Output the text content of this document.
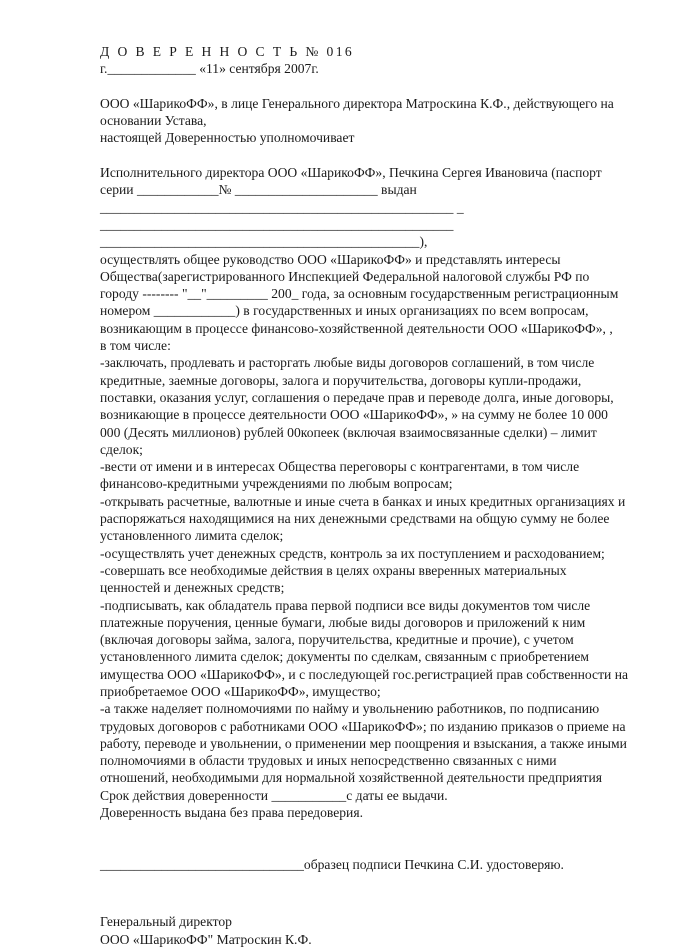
Д О В Е Р Е Н Н О С Т Ь № 016
г._____________ «11» сентября 2007г.
ООО «ШарикоФФ», в лице Генерального директора Матроскина К.Ф., действующего на
основании Устава,
настоящей Доверенностью уполномочивает
Исполнительного директора ООО «ШарикоФФ», Печкина Сергея Ивановича (паспорт
серии ____________№ _____________________ выдан
____________________________________________________ _
____________________________________________________
_______________________________________________),
осуществлять общее руководство ООО «ШарикоФФ» и представлять интересы
Общества(зарегистрированного Инспекцией Федеральной налоговой службы РФ по
городу -------- "__"_________ 200_ года, за основным государственным регистрационным
номером ____________) в государственных и иных организациях по всем вопросам,
возникающим в процессе финансово-хозяйственной деятельности ООО «ШарикоФФ», ,
в том числе:
-заключать, продлевать и расторгать любые виды договоров соглашений, в том числе
кредитные, заемные договоры, залога и поручительства, договоры купли-продажи,
поставки, оказания услуг, соглашения о передаче прав и переводе долга, иные договоры,
возникающие в процессе деятельности ООО «ШарикоФФ», » на сумму не более 10 000
000 (Десять миллионов) рублей 00копеек (включая взаимосвязанные сделки) – лимит
сделок;
-вести от имени и в интересах Общества переговоры с контрагентами, в том числе
финансово-кредитными учреждениями по любым вопросам;
-открывать расчетные, валютные и иные счета в банках и иных кредитных организациях и
распоряжаться находящимися на них денежными средствами на общую сумму не более
установленного лимита сделок;
-осуществлять учет денежных средств, контроль за их поступлением и расходованием;
-совершать все необходимые действия в целях охраны вверенных материальных
ценностей и денежных средств;
-подписывать, как обладатель права первой подписи все виды документов том числе
платежные поручения, ценные бумаги, любые виды договоров и приложений к ним
(включая договоры займа, залога, поручительства, кредитные и прочие), с учетом
установленного лимита сделок; документы по сделкам, связанным с приобретением
имущества ООО «ШарикоФФ», и с последующей гос.регистрацией прав собственности на
приобретаемое ООО «ШарикоФФ», имущество;
-а также наделяет полномочиями по найму и увольнению работников, по подписанию
трудовых договоров с работниками ООО «ШарикоФФ»; по изданию приказов о приеме на
работу, переводе и увольнении, о применении мер поощрения и взыскания, а также иными
полномочиями в области трудовых и иных непосредственно связанных с ними
отношений, необходимыми для нормальной хозяйственной деятельности предприятия
Срок действия доверенности ___________с даты ее выдачи.
Доверенность выдана без права передоверия.
______________________________образец подписи Печкина С.И. удостоверяю.
Генеральный директор
ООО «ШарикоФФ" Матроскин К.Ф.
